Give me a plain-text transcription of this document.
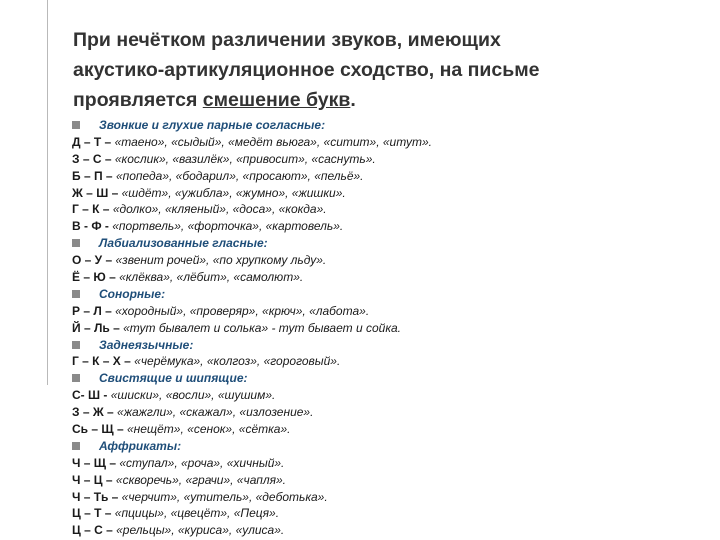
При нечётком различении звуков, имеющих
акустико-артикуляционное сходство, на письме
проявляется смешение букв.
Звонкие и глухие парные согласные:
Д – Т – «таено», «сыдый», «медёт вьюга», «ситит», «итут».
З – С – «кослик», «вазилёк», «привосит», «саснуть».
Б – П – «попеда», «бодарил», «просают», «пельё».
Ж – Ш – «шдёт», «ужибла», «жумно», «жишки».
Г – К – «долко», «кляеный», «доса», «кокда».
В - Ф - «портвель», «форточка», «картовель».
Лабиализованные гласные:
О – У – «звенит рочей», «по хрупкому льду».
Ё – Ю – «клёква», «лёбит», «самолют».
Сонорные:
Р – Л – «хородный», «проверяр», «крюч», «лабота».
Й – Ль – «тут бывалет и солька» - тут бывает и сойка.
Заднеязычные:
Г – К – Х – «черёмука», «колгоз», «гороговый».
Свистящие и шипящие:
С- Ш - «шиски», «восли», «шушим».
З – Ж – «жажгли», «скажал», «излозение».
Сь – Щ – «нещёт», «сенок», «сётка».
Аффрикаты:
Ч – Щ – «ступал», «роча», «хичный».
Ч – Ц – «скворечь», «грачи», «чапля».
Ч – Ть – «черчит», «утитель», «деботька».
Ц – Т – «пцицы», «цвецёт», «Пеця».
Ц – С – «рельцы», «куриса», «улиса».
